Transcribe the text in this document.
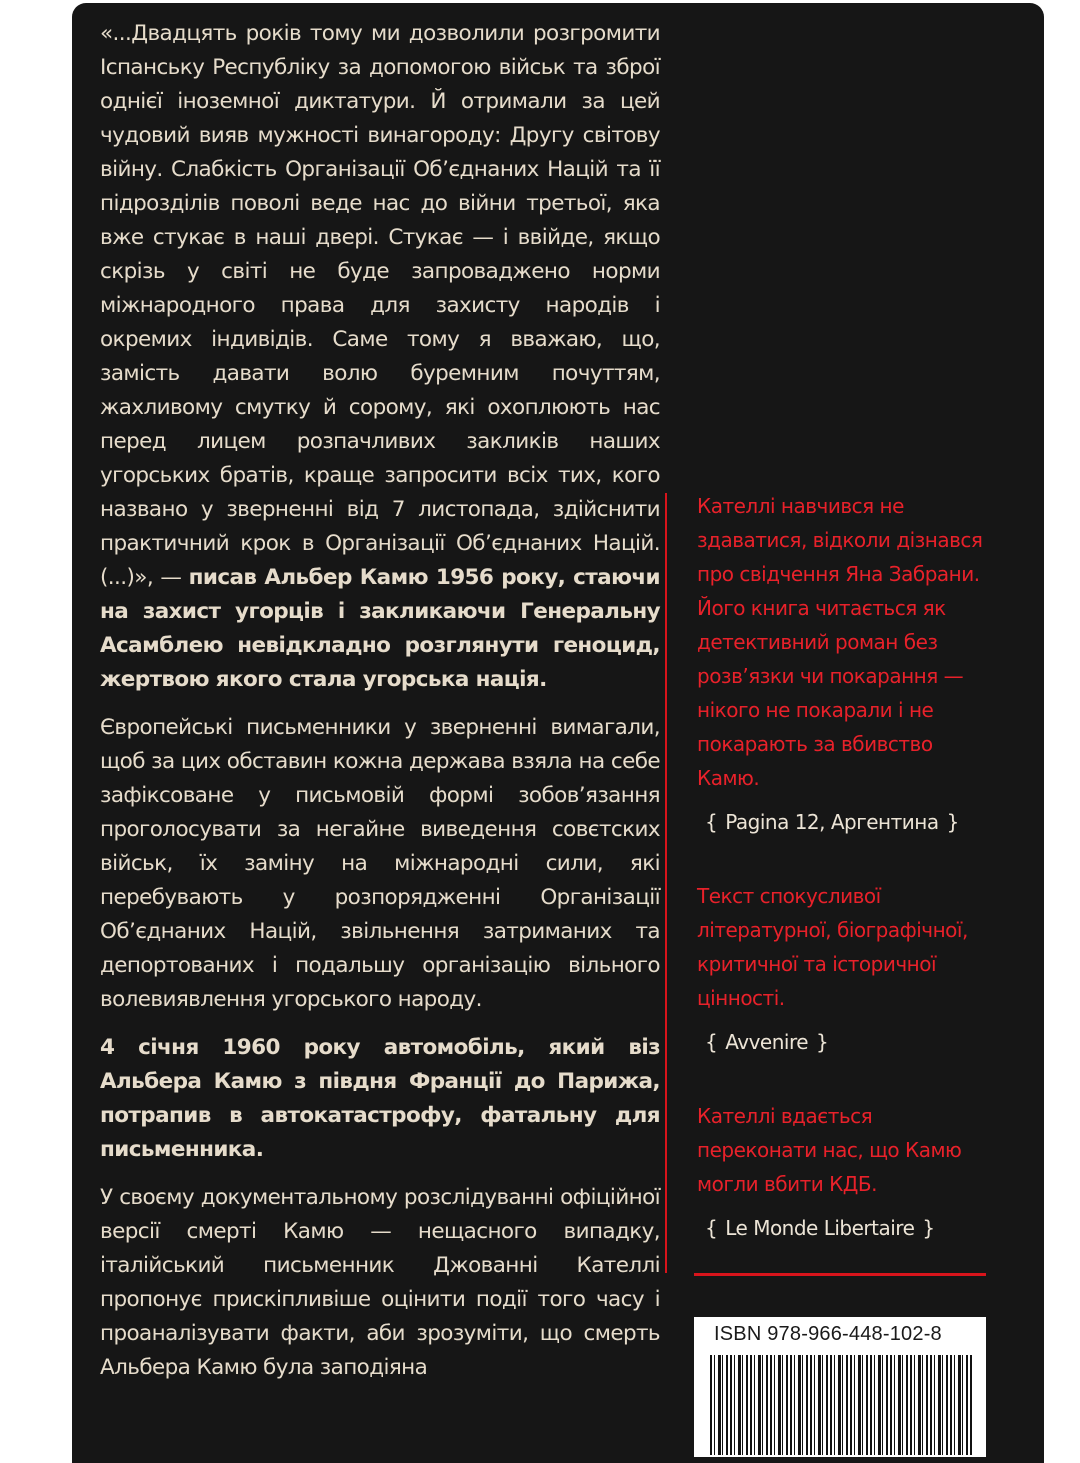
«...Двадцять років тому ми дозволили розгромити Іспанську Республіку за допомогою військ та зброї однієї іноземної диктатури. Й отримали за цей чудовий вияв мужності винагороду: Другу світову війну. Слабкість Організації Об’єднаних Націй та її підрозділів поволі веде нас до війни третьої, яка вже стукає в наші двері. Стукає — і ввійде, якщо скрізь у світі не буде запроваджено норми міжнародного права для захисту народів і окремих індивідів. Саме тому я вважаю, що, замість давати волю буремним почуттям, жахливому смутку й сорому, які охоплюють нас перед лицем розпачливих закликів наших угорських братів, краще запросити всіх тих, кого названо у зверненні від 7 листопада, здійснити практичний крок в Організації Об’єднаних Націй. (...)», — писав Альбер Камю 1956 року, стаючи на захист угорців і закликаючи Генеральну Асамблею невідкладно розглянути геноцид, жертвою якого стала угорська нація.

Європейські письменники у зверненні вимагали, щоб за цих обставин кожна держава взяла на себе зафіксоване у письмовій формі зобов’язання проголосувати за негайне виведення совєтских військ, їх заміну на міжнародні сили, які перебувають у розпорядженні Організації Об’єднаних Націй, звільнення затриманих та депортованих і подальшу організацію вільного волевиявлення угорського народу.

4 січня 1960 року автомобіль, який віз Альбера Камю з півдня Франції до Парижа, потрапив в автокатастрофу, фатальну для письменника.

У своєму документальному розслідуванні офіційної версії смерті Камю — нещасного випадку, італійський письменник Джованні Кателлі пропонує прискіпливіше оцінити події того часу і проаналізувати факти, аби зрозуміти, що смерть Альбера Камю була заподіяна

Кателлі навчився не здаватися, відколи дізнався про свідчення Яна Забрани. Його книга читається як детективний роман без розв’язки чи покарання — нікого не покарали і не покарають за вбивство Камю.

{ Pagina 12, Аргентина }

Текст спокусливої літературної, біографічної, критичної та історичної цінності.

{ Avvenire }

Кателлі вдається переконати нас, що Камю могли вбити КДБ.

{ Le Monde Libertaire }
ISBN 978-966-448-102-8
